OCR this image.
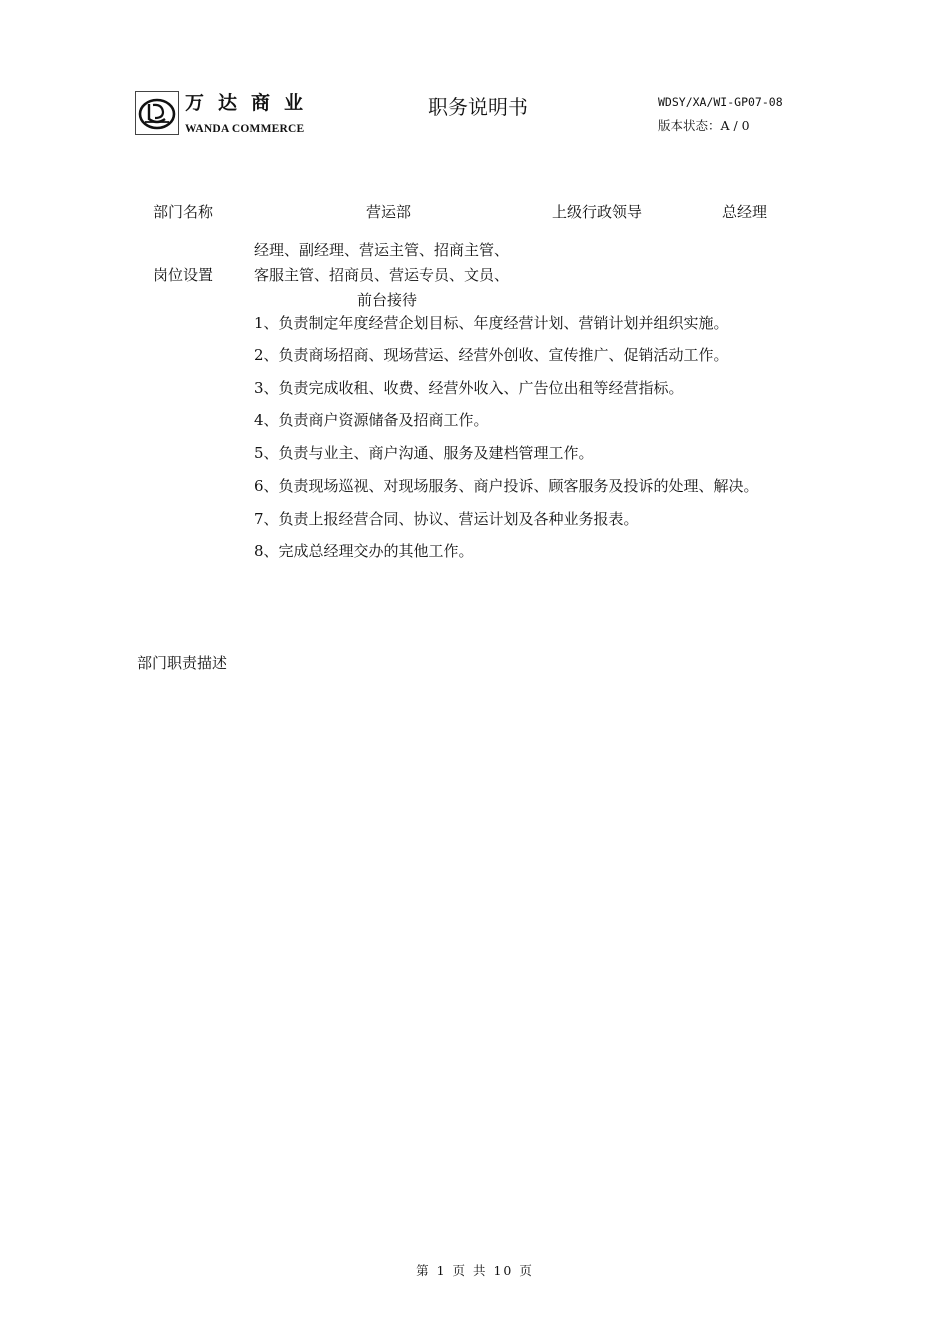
万达商业
WANDA COMMERCE
职务说明书	WDSY/XA/WI-GP07-08
版本状态：A / 0
部门名称	营运部	上级行政领导	总经理
岗位设置
经理、副经理、营运主管、招商主管、
客服主管、招商员、营运专员、文员、
前台接待
1、负责制定年度经营企划目标、年度经营计划、营销计划并组织实施。
2、负责商场招商、现场营运、经营外创收、宣传推广、促销活动工作。
3、负责完成收租、收费、经营外收入、广告位出租等经营指标。
4、负责商户资源储备及招商工作。
5、负责与业主、商户沟通、服务及建档管理工作。
6、负责现场巡视、对现场服务、商户投诉、顾客服务及投诉的处理、解决。
7、负责上报经营合同、协议、营运计划及各种业务报表。
8、完成总经理交办的其他工作。
部门职责描述
第 1 页 共 10 页
